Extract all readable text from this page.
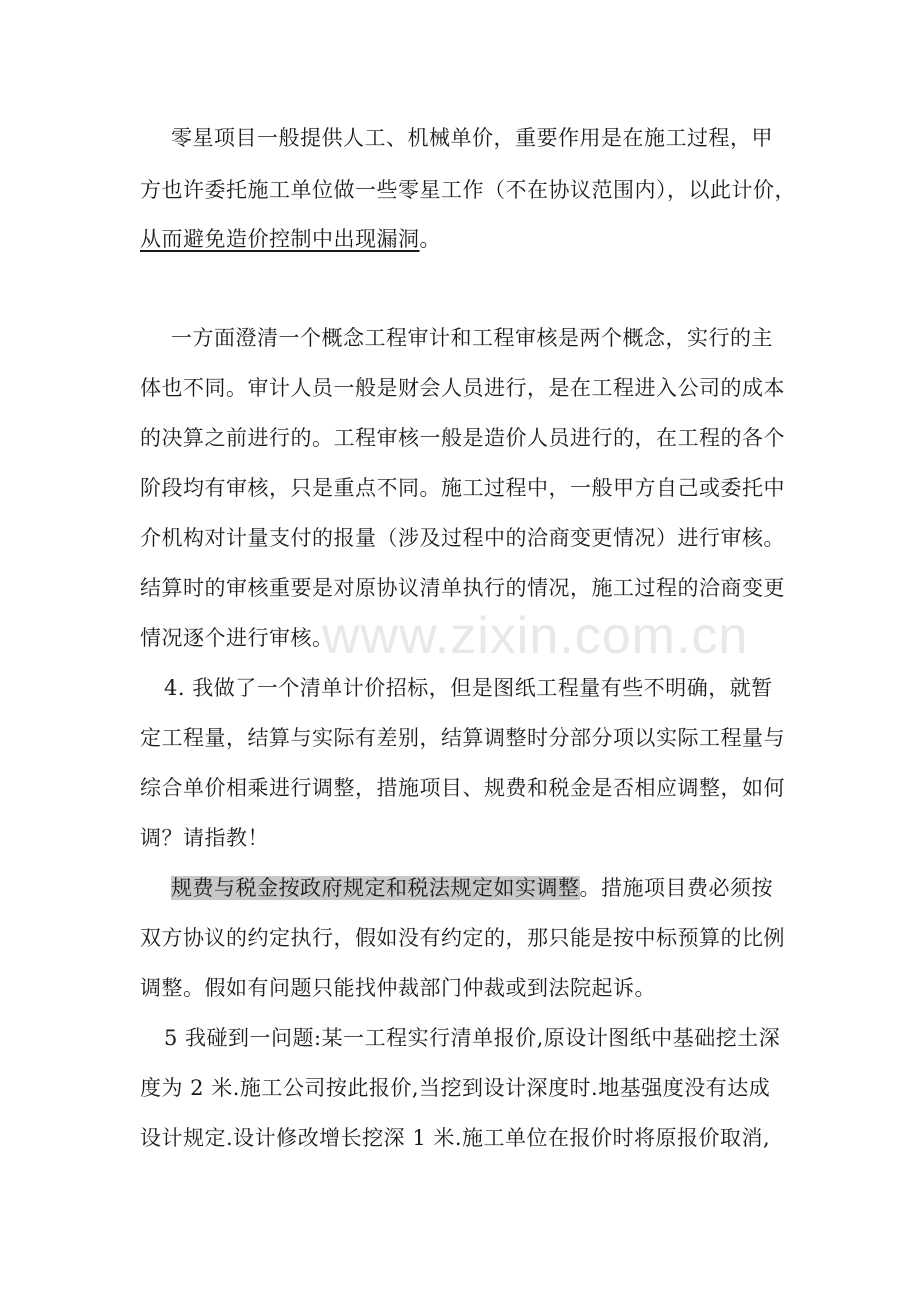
www.zixin.com.cn
零星项目一般提供人工、机械单价，重要作用是在施工过程，甲
方也许委托施工单位做一些零星工作（不在协议范围内），以此计价，
从而避免造价控制中出现漏洞。
一方面澄清一个概念工程审计和工程审核是两个概念，实行的主
体也不同。审计人员一般是财会人员进行，是在工程进入公司的成本
的决算之前进行的。工程审核一般是造价人员进行的，在工程的各个
阶段均有审核，只是重点不同。施工过程中，一般甲方自己或委托中
介机构对计量支付的报量（涉及过程中的洽商变更情况）进行审核。
结算时的审核重要是对原协议清单执行的情况，施工过程的洽商变更
情况逐个进行审核。
4. 我做了一个清单计价招标，但是图纸工程量有些不明确，就暂
定工程量，结算与实际有差别，结算调整时分部分项以实际工程量与
综合单价相乘进行调整，措施项目、规费和税金是否相应调整，如何
调？请指教！
规费与税金按政府规定和税法规定如实调整。措施项目费必须按
双方协议的约定执行，假如没有约定的，那只能是按中标预算的比例
调整。假如有问题只能找仲裁部门仲裁或到法院起诉。
5 我碰到一问题:某一工程实行清单报价,原设计图纸中基础挖土深
度为 2 米.施工公司按此报价,当挖到设计深度时.地基强度没有达成
设计规定.设计修改增长挖深 1 米.施工单位在报价时将原报价取消,
